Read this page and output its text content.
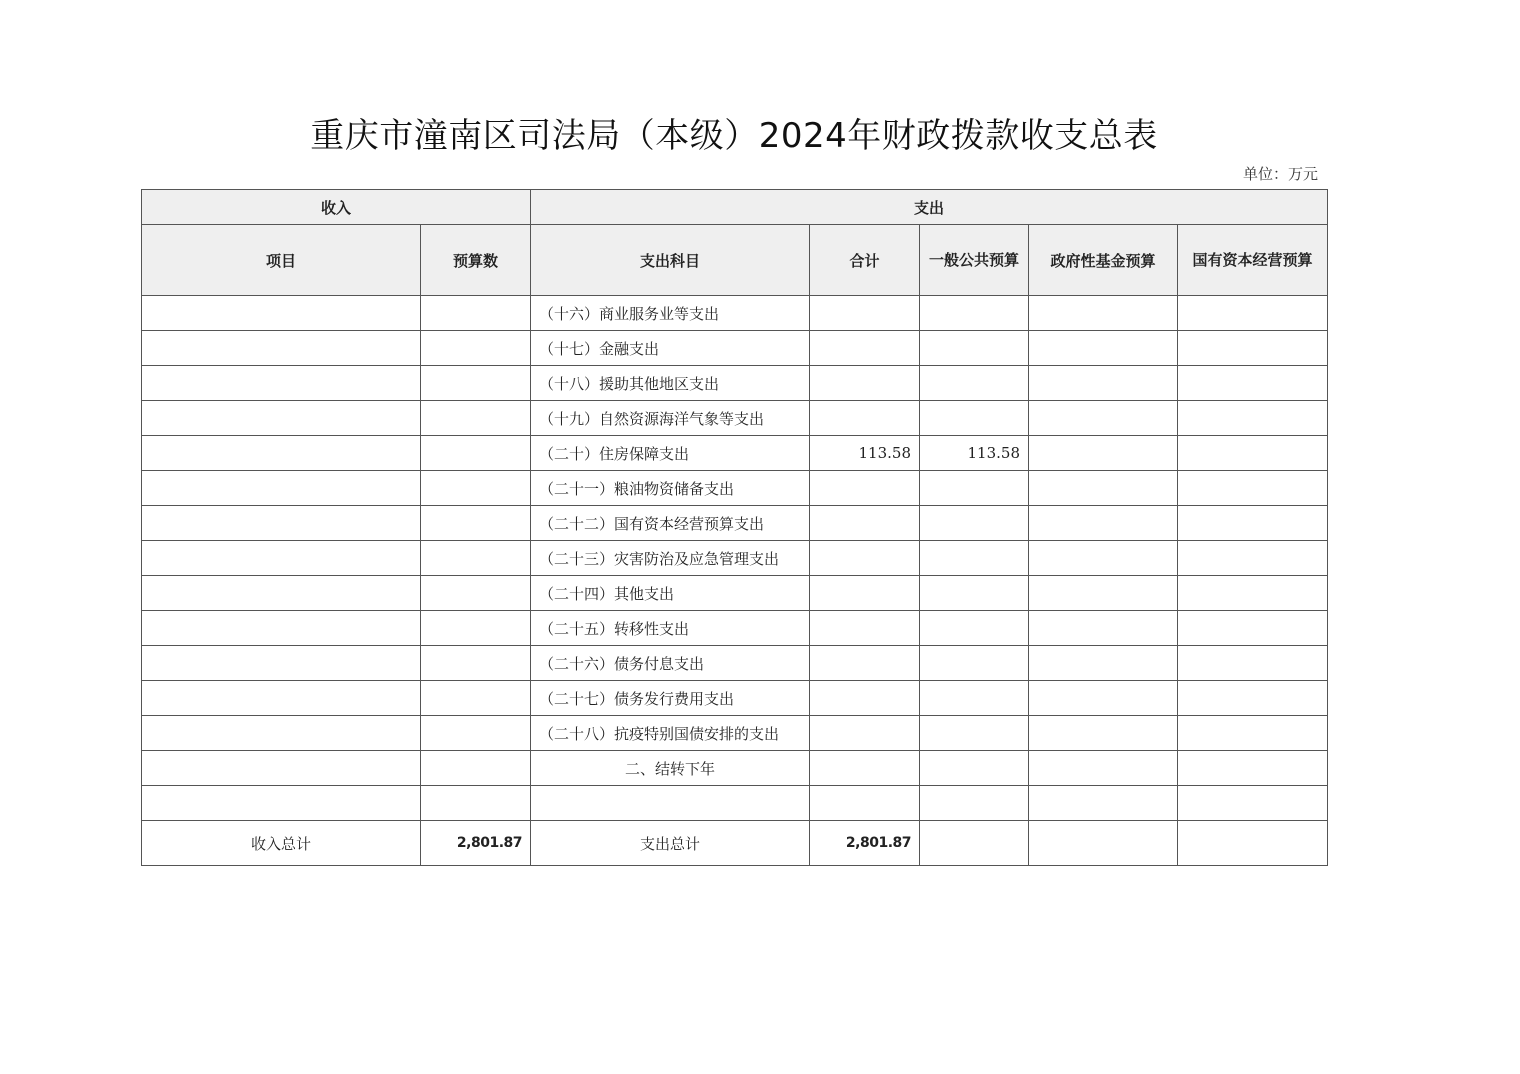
重庆市潼南区司法局（本级）2024年财政拨款收支总表
单位：万元
收入		支出				
项目	预算数	支出科目	合计	一般公共预算	政府性基金预算	国有资本经营预算
		（十六）商业服务业等支出				
		（十七）金融支出				
		（十八）援助其他地区支出				
		（十九）自然资源海洋气象等支出				
		（二十）住房保障支出	113.58	113.58		
		（二十一）粮油物资储备支出				
		（二十二）国有资本经营预算支出				
		（二十三）灾害防治及应急管理支出				
		（二十四）其他支出				
		（二十五）转移性支出				
		（二十六）债务付息支出				
		（二十七）债务发行费用支出				
		（二十八）抗疫特别国债安排的支出				
		二、结转下年				

收入总计	2,801.87	支出总计	2,801.87			
